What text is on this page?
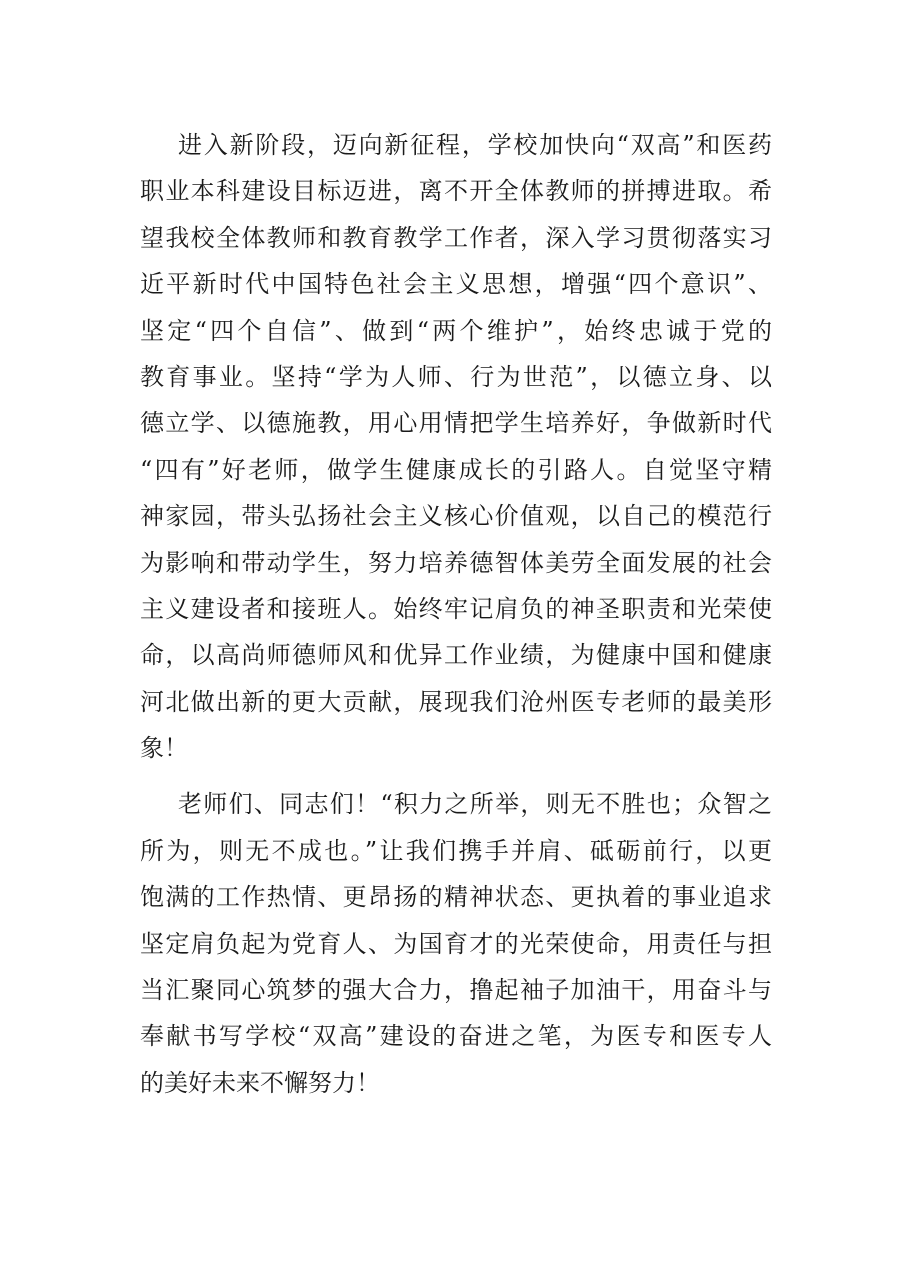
进入新阶段，迈向新征程，学校加快向“双高”和医药
职业本科建设目标迈进，离不开全体教师的拼搏进取。希
望我校全体教师和教育教学工作者，深入学习贯彻落实习
近平新时代中国特色社会主义思想，增强“四个意识”、
坚定“四个自信”、做到“两个维护”，始终忠诚于党的
教育事业。坚持“学为人师、行为世范”，以德立身、以
德立学、以德施教，用心用情把学生培养好，争做新时代
“四有”好老师，做学生健康成长的引路人。自觉坚守精
神家园，带头弘扬社会主义核心价值观，以自己的模范行
为影响和带动学生，努力培养德智体美劳全面发展的社会
主义建设者和接班人。始终牢记肩负的神圣职责和光荣使
命，以高尚师德师风和优异工作业绩，为健康中国和健康
河北做出新的更大贡献，展现我们沧州医专老师的最美形
象！
老师们、同志们！“积力之所举，则无不胜也；众智之
所为，则无不成也。”让我们携手并肩、砥砺前行，以更
饱满的工作热情、更昂扬的精神状态、更执着的事业追求
坚定肩负起为党育人、为国育才的光荣使命，用责任与担
当汇聚同心筑梦的强大合力，撸起袖子加油干，用奋斗与
奉献书写学校“双高”建设的奋进之笔，为医专和医专人
的美好未来不懈努力！
